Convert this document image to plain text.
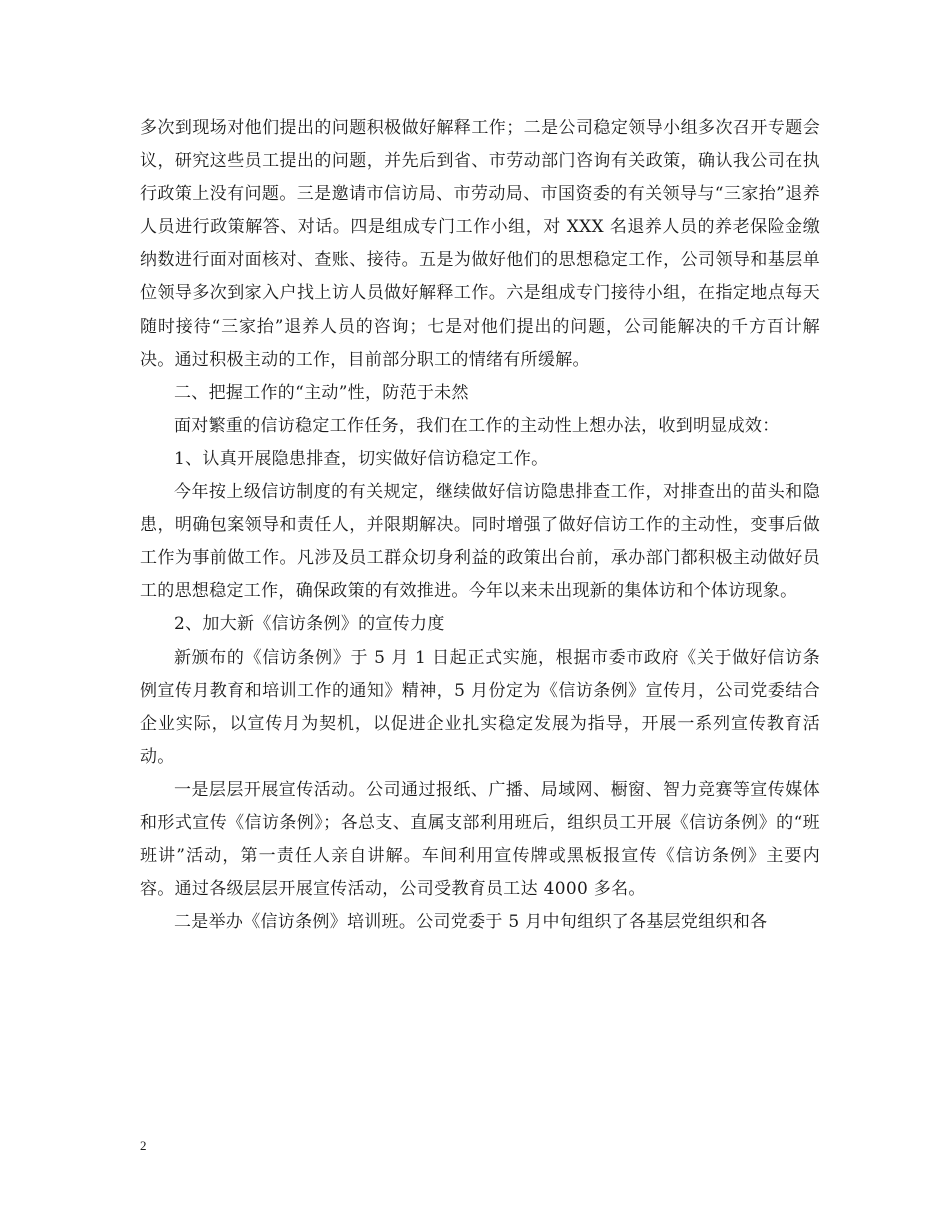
多次到现场对他们提出的问题积极做好解释工作；二是公司稳定领导小组多次召开专题会议，研究这些员工提出的问题，并先后到省、市劳动部门咨询有关政策，确认我公司在执行政策上没有问题。三是邀请市信访局、市劳动局、市国资委的有关领导与“三家抬”退养人员进行政策解答、对话。四是组成专门工作小组，对 XXX 名退养人员的养老保险金缴纳数进行面对面核对、查账、接待。五是为做好他们的思想稳定工作，公司领导和基层单位领导多次到家入户找上访人员做好解释工作。六是组成专门接待小组，在指定地点每天随时接待“三家抬”退养人员的咨询；七是对他们提出的问题，公司能解决的千方百计解决。通过积极主动的工作，目前部分职工的情绪有所缓解。

二、把握工作的“主动”性，防范于未然

面对繁重的信访稳定工作任务，我们在工作的主动性上想办法，收到明显成效：

1、认真开展隐患排查，切实做好信访稳定工作。

今年按上级信访制度的有关规定，继续做好信访隐患排查工作，对排查出的苗头和隐患，明确包案领导和责任人，并限期解决。同时增强了做好信访工作的主动性，变事后做工作为事前做工作。凡涉及员工群众切身利益的政策出台前，承办部门都积极主动做好员工的思想稳定工作，确保政策的有效推进。今年以来未出现新的集体访和个体访现象。

2、加大新《信访条例》的宣传力度

新颁布的《信访条例》于 5 月 1 日起正式实施，根据市委市政府《关于做好信访条例宣传月教育和培训工作的通知》精神，5 月份定为《信访条例》宣传月，公司党委结合企业实际，以宣传月为契机，以促进企业扎实稳定发展为指导，开展一系列宣传教育活动。

一是层层开展宣传活动。公司通过报纸、广播、局域网、橱窗、智力竞赛等宣传媒体和形式宣传《信访条例》；各总支、直属支部利用班后，组织员工开展《信访条例》的“班班讲”活动，第一责任人亲自讲解。车间利用宣传牌或黑板报宣传《信访条例》主要内容。通过各级层层开展宣传活动，公司受教育员工达 4000 多名。

二是举办《信访条例》培训班。公司党委于 5 月中旬组织了各基层党组织和各

2
